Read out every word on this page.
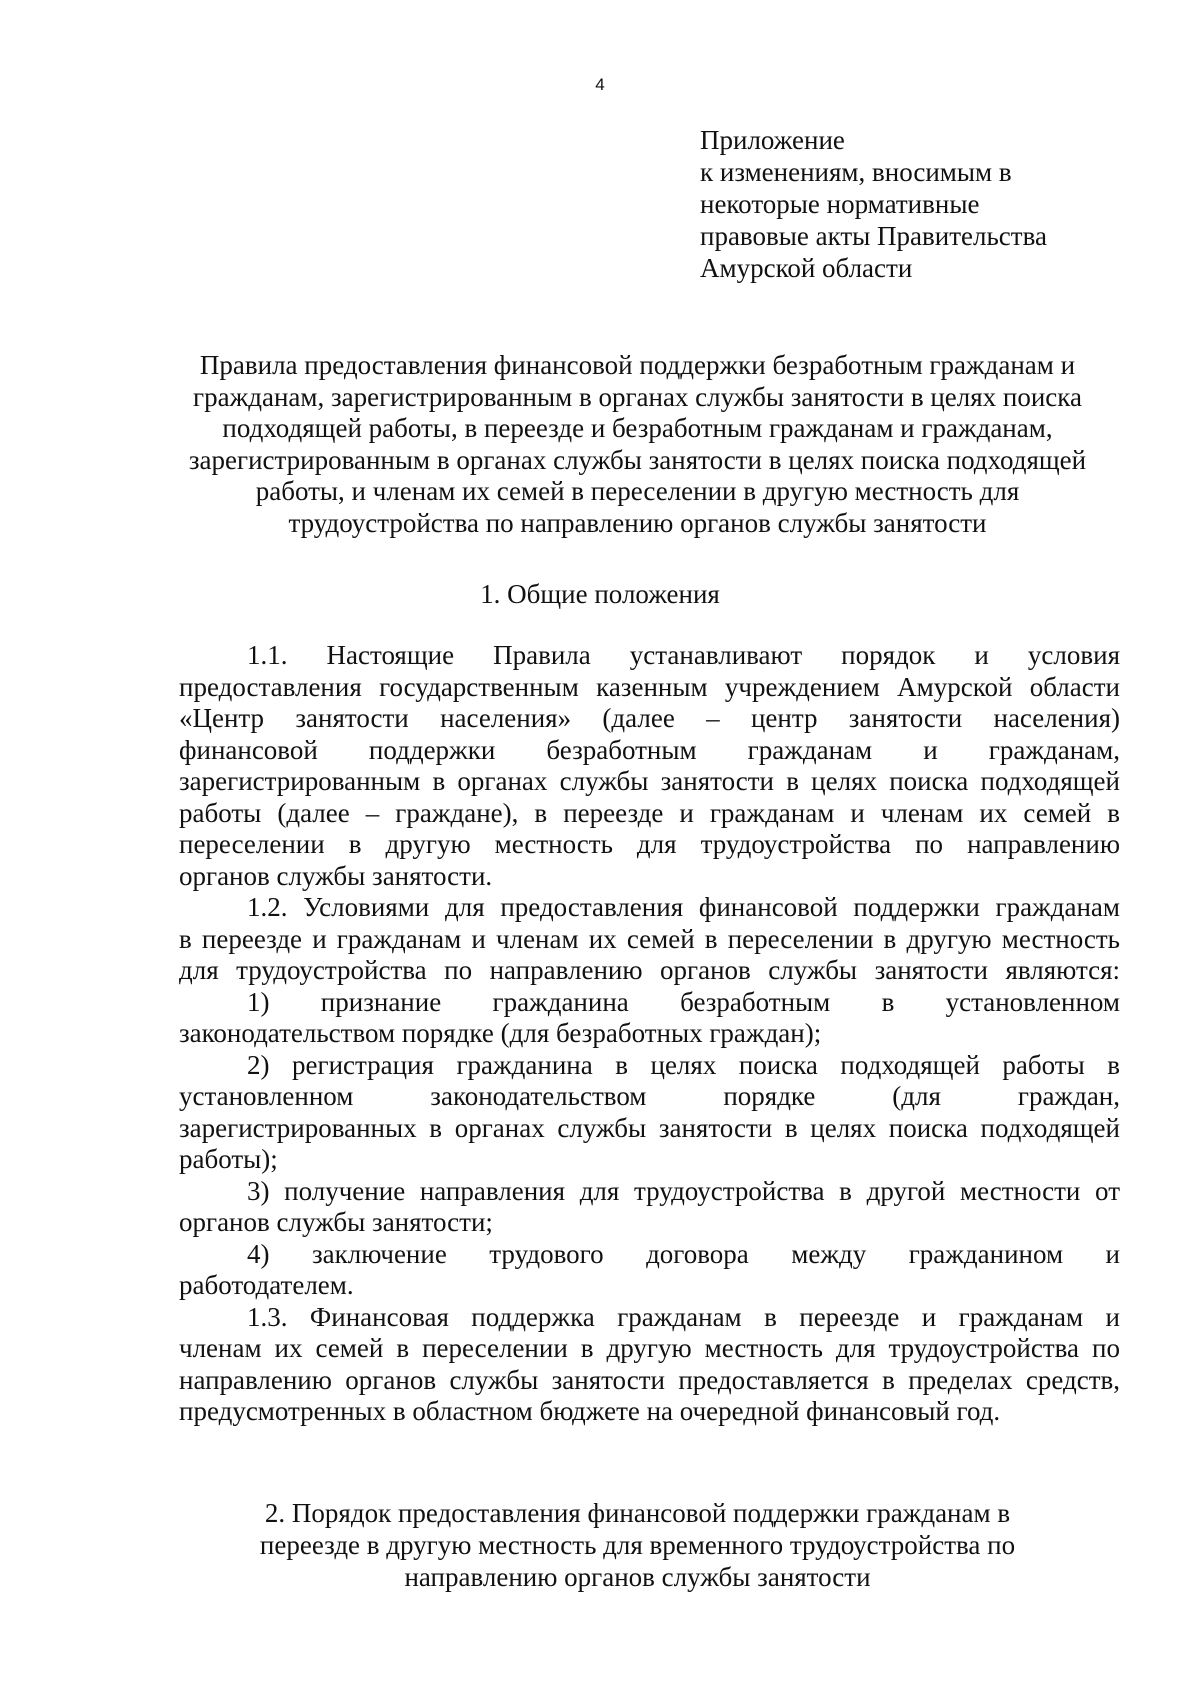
4
Приложение
к изменениям, вносимым в
некоторые нормативные
правовые акты Правительства
Амурской области
Правила предоставления финансовой поддержки безработным гражданам и
гражданам, зарегистрированным в органах службы занятости в целях поиска
подходящей работы, в переезде и безработным гражданам и гражданам,
зарегистрированным в органах службы занятости в целях поиска подходящей
работы, и членам их семей в переселении в другую местность для
трудоустройства по направлению органов службы занятости
1. Общие положения
1.1. Настоящие Правила устанавливают порядок и условия
предоставления государственным казенным учреждением Амурской области
«Центр занятости населения» (далее – центр занятости населения)
финансовой поддержки безработным гражданам и гражданам,
зарегистрированным в органах службы занятости в целях поиска подходящей
работы (далее – граждане), в переезде и гражданам и членам их семей в
переселении в другую местность для трудоустройства по направлению
органов службы занятости.
1.2. Условиями для предоставления финансовой поддержки гражданам
в переезде и гражданам и членам их семей в переселении в другую местность
для трудоустройства по направлению органов службы занятости являются:
1) признание гражданина безработным в установленном
законодательством порядке (для безработных граждан);
2) регистрация гражданина в целях поиска подходящей работы в
установленном законодательством порядке (для граждан,
зарегистрированных в органах службы занятости в целях поиска подходящей
работы);
3) получение направления для трудоустройства в другой местности от
органов службы занятости;
4) заключение трудового договора между гражданином и
работодателем.
1.3. Финансовая поддержка гражданам в переезде и гражданам и
членам их семей в переселении в другую местность для трудоустройства по
направлению органов службы занятости предоставляется в пределах средств,
предусмотренных в областном бюджете на очередной финансовый год.
2. Порядок предоставления финансовой поддержки гражданам в
переезде в другую местность для временного трудоустройства по
направлению органов службы занятости
